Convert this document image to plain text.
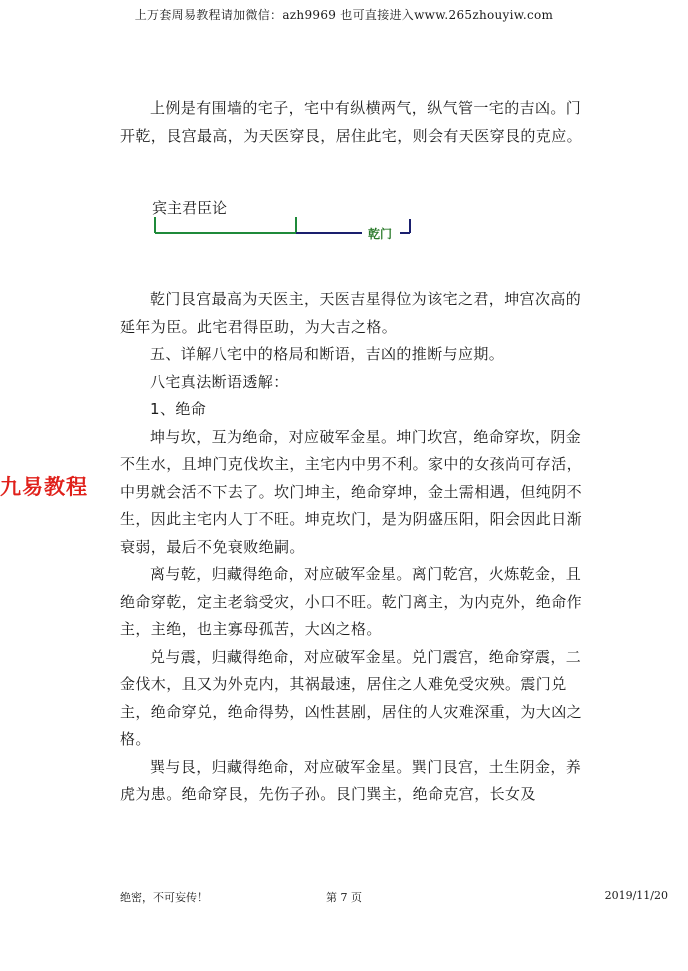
上万套周易教程请加微信：azh9969 也可直接进入www.265zhouyiw.com

上例是有围墙的宅子，宅中有纵横两气，纵气管一宅的吉凶。门开乾，艮宫最高，为天医穿艮，居住此宅，则会有天医穿艮的克应。

宾主君臣论
乾门

乾门艮宫最高为天医主，天医吉星得位为该宅之君，坤宫次高的延年为臣。此宅君得臣助，为大吉之格。

五、详解八宅中的格局和断语，吉凶的推断与应期。

八宅真法断语透解：

1、绝命

坤与坎，互为绝命，对应破军金星。坤门坎宫，绝命穿坎，阴金不生水，且坤门克伐坎主，主宅内中男不利。家中的女孩尚可存活，中男就会活不下去了。坎门坤主，绝命穿坤，金土需相遇，但纯阴不生，因此主宅内人丁不旺。坤克坎门，是为阴盛压阳，阳会因此日渐衰弱，最后不免衰败绝嗣。

离与乾，归藏得绝命，对应破军金星。离门乾宫，火炼乾金，且绝命穿乾，定主老翁受灾，小口不旺。乾门离主，为内克外，绝命作主，主绝，也主寡母孤苦，大凶之格。

兑与震，归藏得绝命，对应破军金星。兑门震宫，绝命穿震，二金伐木，且又为外克内，其祸最速，居住之人难免受灾殃。震门兑主，绝命穿兑，绝命得势，凶性甚剧，居住的人灾难深重，为大凶之格。

巽与艮，归藏得绝命，对应破军金星。巽门艮宫，土生阴金，养虎为患。绝命穿艮，先伤子孙。艮门巽主，绝命克宫，长女及

九易教程
绝密，不可妄传！	第 7 页	2019/11/20
